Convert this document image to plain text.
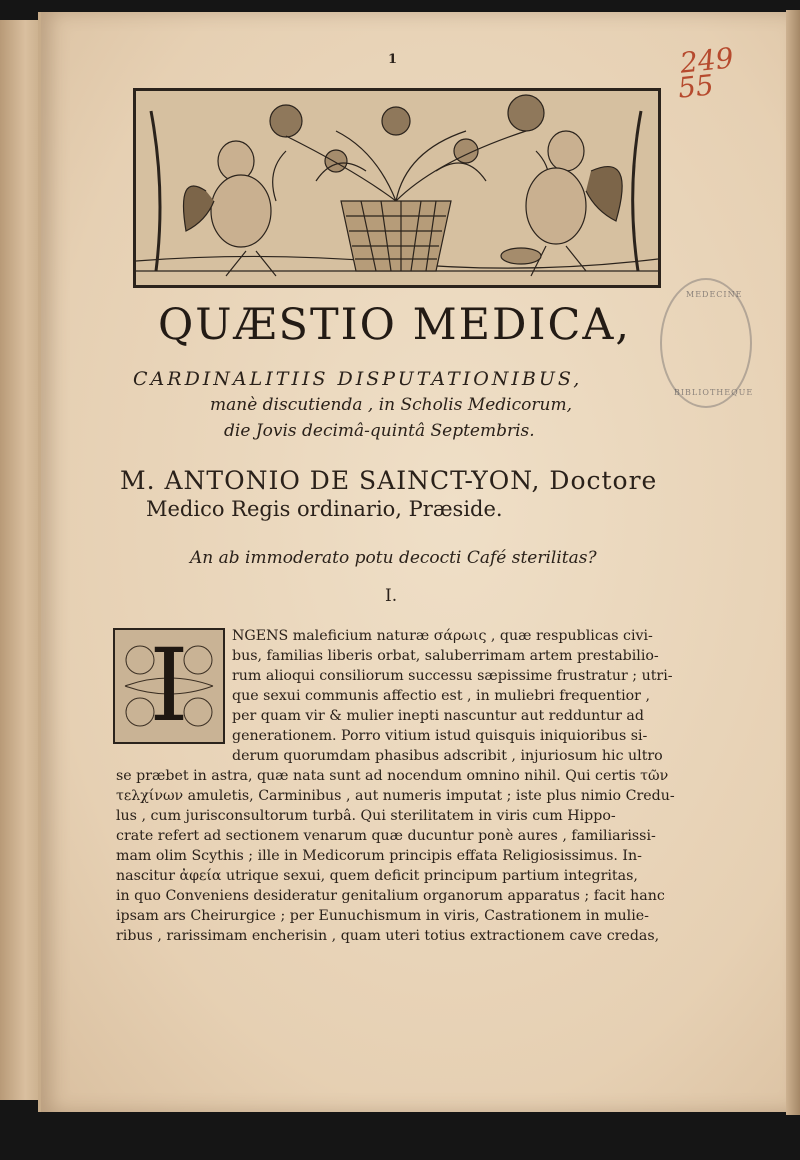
1	249
55
MEDECINE
BIBLIOTHEQUE
QUÆSTIO MEDICA,
CARDINALITIIS DISPUTATIONIBUS,
manè discutienda , in Scholis Medicorum,
die Jovis decimâ-quintâ Septembris.
M. ANTONIO DE SAINCT-YON, Doctore
Medico Regis ordinario, Præside.
An ab immoderato potu decocti Café sterilitas?
I.
I	NGENS maleficium naturæ σάρωις , quæ respublicas civi-
bus, familias liberis orbat, saluberrimam artem prestabilio-
rum alioqui consiliorum successu sæpissime frustratur ; utri-
que sexui communis affectio est , in muliebri frequentior ,
per quam vir & mulier inepti nascuntur aut redduntur ad
generationem. Porro vitium istud quisquis iniquioribus si-
derum quorumdam phasibus adscribit , injuriosum hic ultro
se præbet in astra, quæ nata sunt ad nocendum omnino nihil. Qui certis τῶν
τελχίνων amuletis, Carminibus , aut numeris imputat ; iste plus nimio Credu-
lus , cum jurisconsultorum turbâ. Qui sterilitatem in viris cum Hippo-
crate refert ad sectionem venarum quæ ducuntur ponè aures , familiarissi-
mam olim Scythis ; ille in Medicorum principis effata Religiosissimus. In-
nascitur ἀφεία utrique sexui, quem deficit principum partium integritas,
in quo Conveniens desideratur genitalium organorum apparatus ; facit hanc
ipsam ars Cheirurgice ; per Eunuchismum in viris, Castrationem in mulie-
ribus , rarissimam encherisin , quam uteri totius extractionem cave credas,
